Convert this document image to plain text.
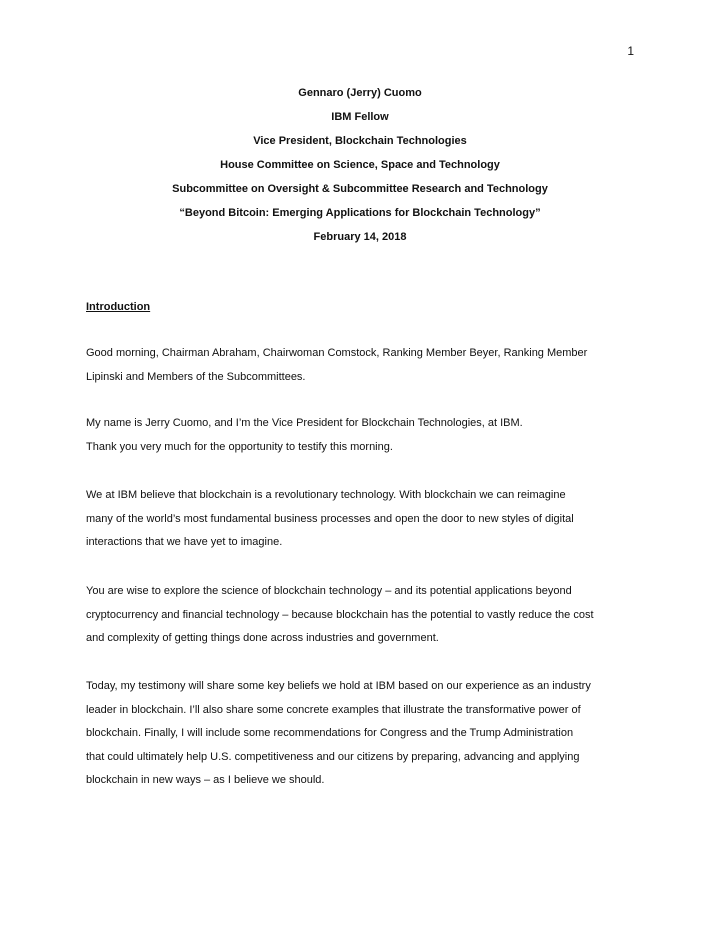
1
Gennaro (Jerry) Cuomo
IBM Fellow
Vice President, Blockchain Technologies
House Committee on Science, Space and Technology
Subcommittee on Oversight & Subcommittee Research and Technology
“Beyond Bitcoin: Emerging Applications for Blockchain Technology”
February 14, 2018
Introduction

Good morning, Chairman Abraham, Chairwoman Comstock, Ranking Member Beyer, Ranking Member
Lipinski and Members of the Subcommittees.

My name is Jerry Cuomo, and I’m the Vice President for Blockchain Technologies, at IBM.
Thank you very much for the opportunity to testify this morning.

We at IBM believe that blockchain is a revolutionary technology. With blockchain we can reimagine
many of the world’s most fundamental business processes and open the door to new styles of digital
interactions that we have yet to imagine.

You are wise to explore the science of blockchain technology – and its potential applications beyond
cryptocurrency and financial technology – because blockchain has the potential to vastly reduce the cost
and complexity of getting things done across industries and government.

Today, my testimony will share some key beliefs we hold at IBM based on our experience as an industry
leader in blockchain. I’ll also share some concrete examples that illustrate the transformative power of
blockchain. Finally, I will include some recommendations for Congress and the Trump Administration
that could ultimately help U.S. competitiveness and our citizens by preparing, advancing and applying
blockchain in new ways – as I believe we should.
